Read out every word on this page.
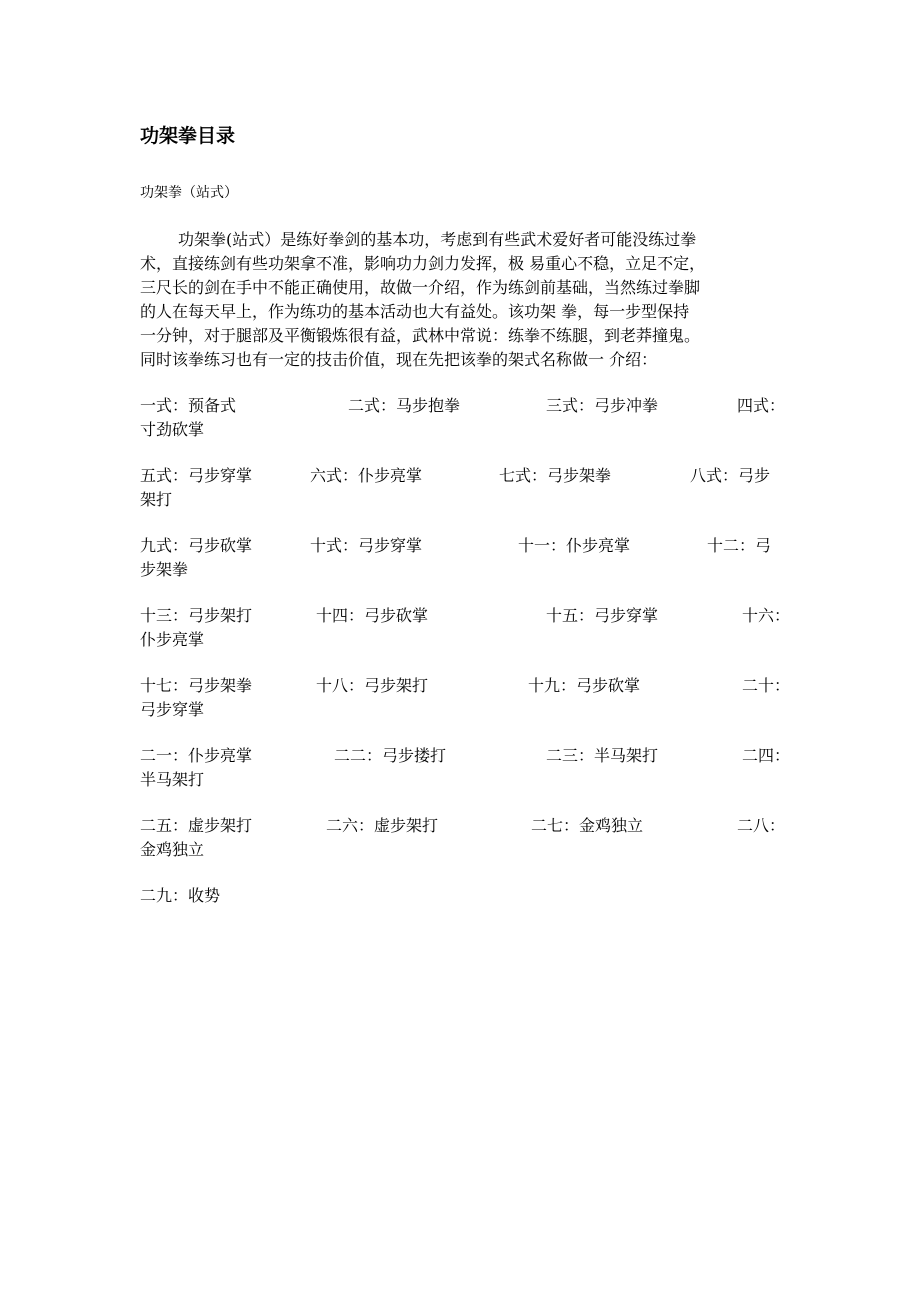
功架拳目录
功架拳（站式）
功架拳(站式）是练好拳剑的基本功，考虑到有些武术爱好者可能没练过拳
术，直接练剑有些功架拿不准，影响功力剑力发挥，极 易重心不稳，立足不定，
三尺长的剑在手中不能正确使用，故做一介绍，作为练剑前基础，当然练过拳脚
的人在每天早上，作为练功的基本活动也大有益处。该功架 拳，每一步型保持
一分钟，对于腿部及平衡锻炼很有益，武林中常说：练拳不练腿，到老莽撞鬼。
同时该拳练习也有一定的技击价值，现在先把该拳的架式名称做一 介绍：
一式：预备式	二式：马步抱拳	三式：弓步冲拳	四式：
寸劲砍掌
五式：弓步穿掌	六式：仆步亮掌	七式：弓步架拳	八式：弓步
架打
九式：弓步砍掌	十式：弓步穿掌	十一：仆步亮掌	十二：弓
步架拳
十三：弓步架打	十四：弓步砍掌	十五：弓步穿掌	十六：
仆步亮掌
十七：弓步架拳	十八：弓步架打	十九：弓步砍掌	二十：
弓步穿掌
二一：仆步亮掌	二二：弓步搂打	二三：半马架打	二四：
半马架打
二五：虚步架打	二六：虚步架打	二七：金鸡独立	二八：
金鸡独立
二九：收势
